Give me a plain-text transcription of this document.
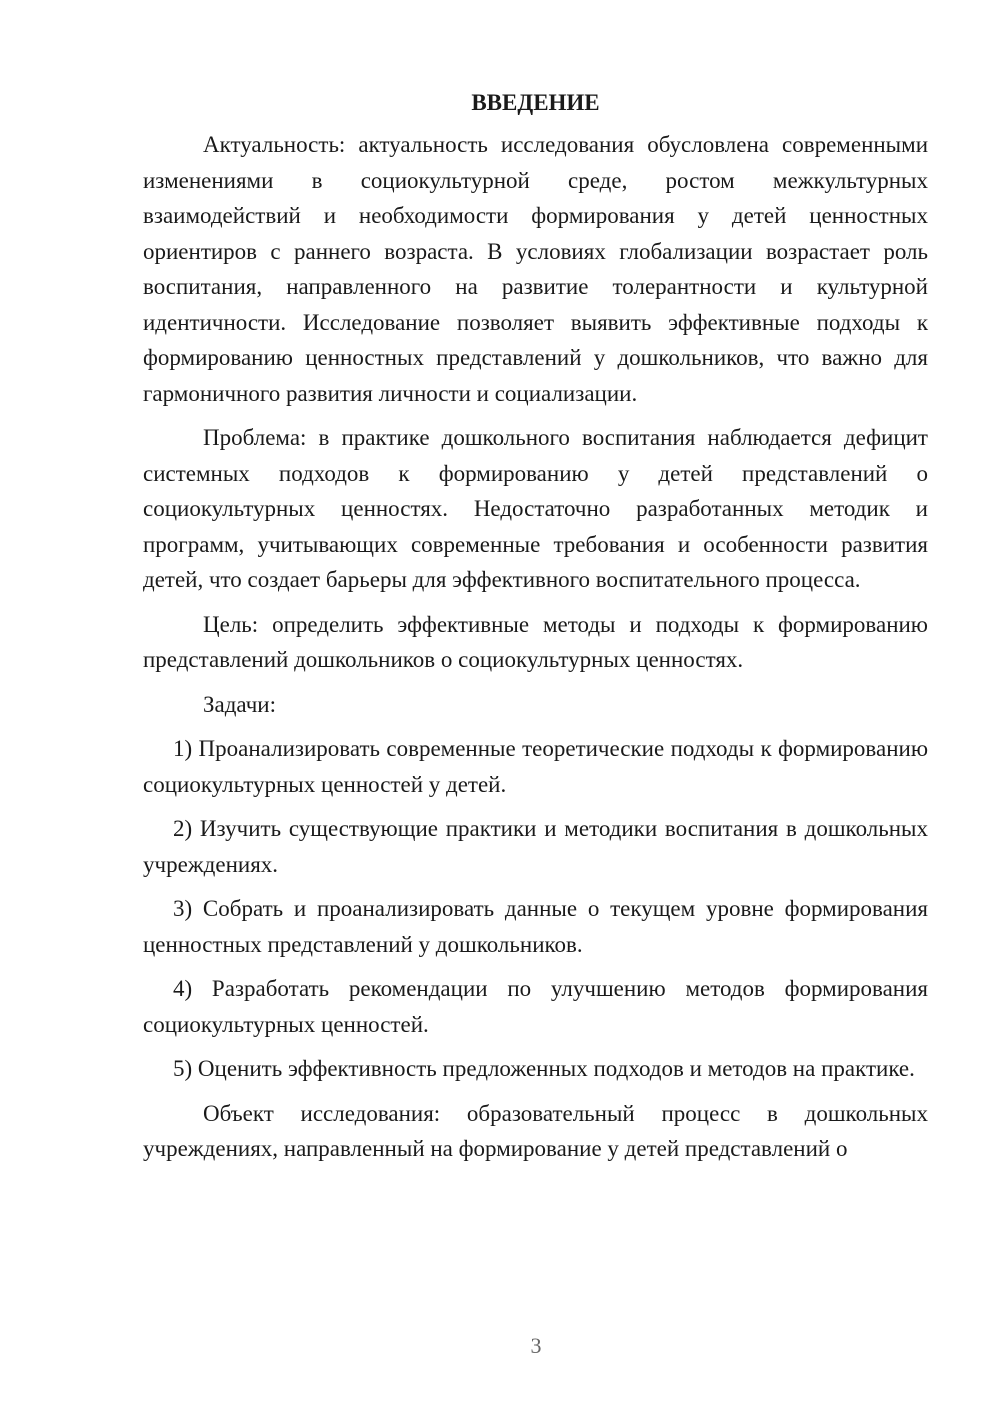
ВВЕДЕНИЕ

Актуальность: актуальность исследования обусловлена современными изменениями в социокультурной среде, ростом межкультурных взаимодействий и необходимости формирования у детей ценностных ориентиров с раннего возраста. В условиях глобализации возрастает роль воспитания, направленного на развитие толерантности и культурной идентичности. Исследование позволяет выявить эффективные подходы к формированию ценностных представлений у дошкольников, что важно для гармоничного развития личности и социализации.

Проблема: в практике дошкольного воспитания наблюдается дефицит системных подходов к формированию у детей представлений о социокультурных ценностях. Недостаточно разработанных методик и программ, учитывающих современные требования и особенности развития детей, что создает барьеры для эффективного воспитательного процесса.

Цель: определить эффективные методы и подходы к формированию представлений дошкольников о социокультурных ценностях.

Задачи:

1) Проанализировать современные теоретические подходы к формированию социокультурных ценностей у детей.

2) Изучить существующие практики и методики воспитания в дошкольных учреждениях.

3) Собрать и проанализировать данные о текущем уровне формирования ценностных представлений у дошкольников.

4) Разработать рекомендации по улучшению методов формирования социокультурных ценностей.

5) Оценить эффективность предложенных подходов и методов на практике.

Объект исследования: образовательный процесс в дошкольных учреждениях, направленный на формирование у детей представлений о

3
